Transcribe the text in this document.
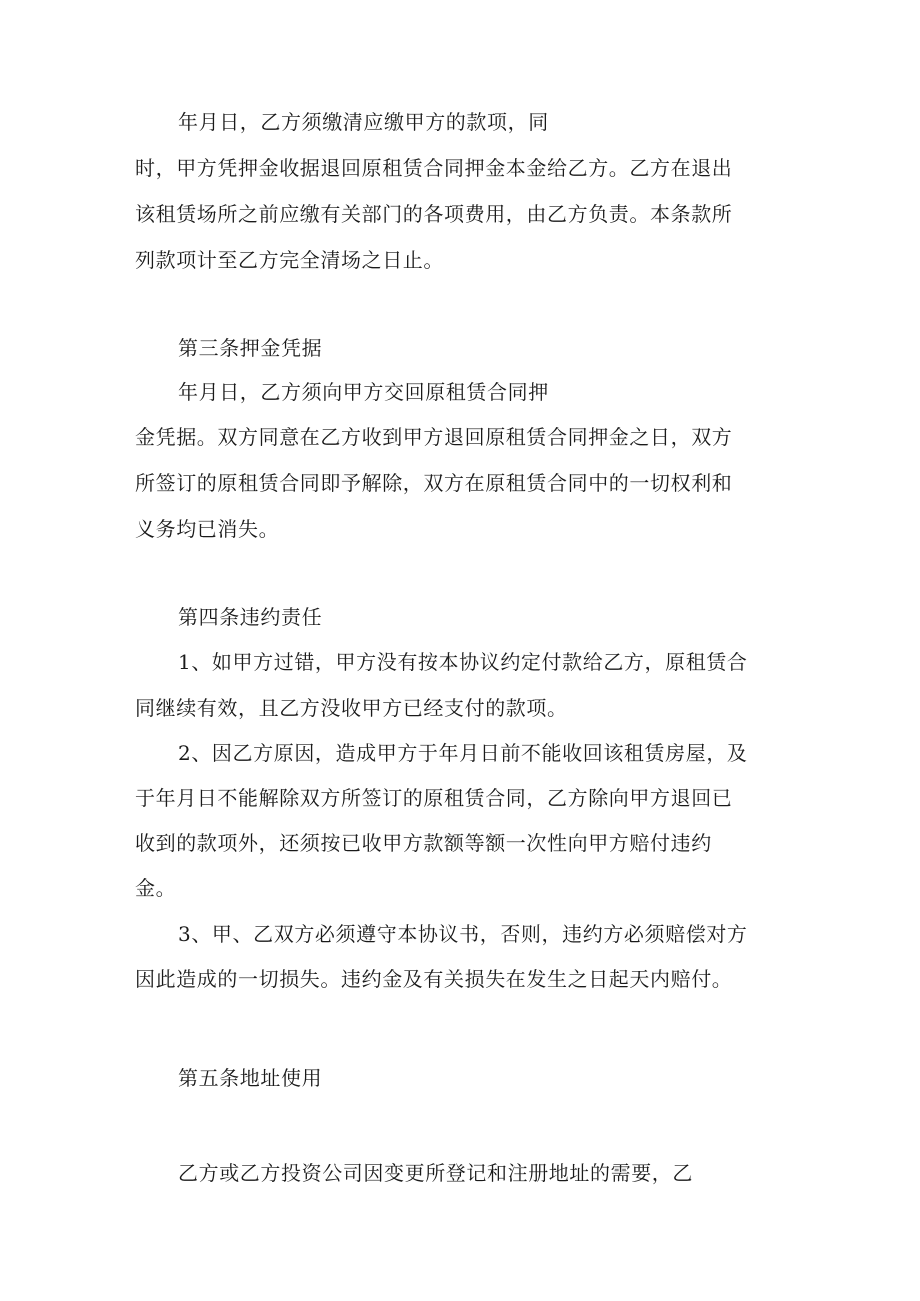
年月日，乙方须缴清应缴甲方的款项，同
时，甲方凭押金收据退回原租赁合同押金本金给乙方。乙方在退出
该租赁场所之前应缴有关部门的各项费用，由乙方负责。本条款所
列款项计至乙方完全清场之日止。
第三条押金凭据
年月日，乙方须向甲方交回原租赁合同押
金凭据。双方同意在乙方收到甲方退回原租赁合同押金之日，双方
所签订的原租赁合同即予解除，双方在原租赁合同中的一切权利和
义务均已消失。
第四条违约责任
1、如甲方过错，甲方没有按本协议约定付款给乙方，原租赁合
同继续有效，且乙方没收甲方已经支付的款项。
2、因乙方原因，造成甲方于年月日前不能收回该租赁房屋，及
于年月日不能解除双方所签订的原租赁合同，乙方除向甲方退回已
收到的款项外，还须按已收甲方款额等额一次性向甲方赔付违约
金。
3、甲、乙双方必须遵守本协议书，否则，违约方必须赔偿对方
因此造成的一切损失。违约金及有关损失在发生之日起天内赔付。
第五条地址使用
乙方或乙方投资公司因变更所登记和注册地址的需要，乙
